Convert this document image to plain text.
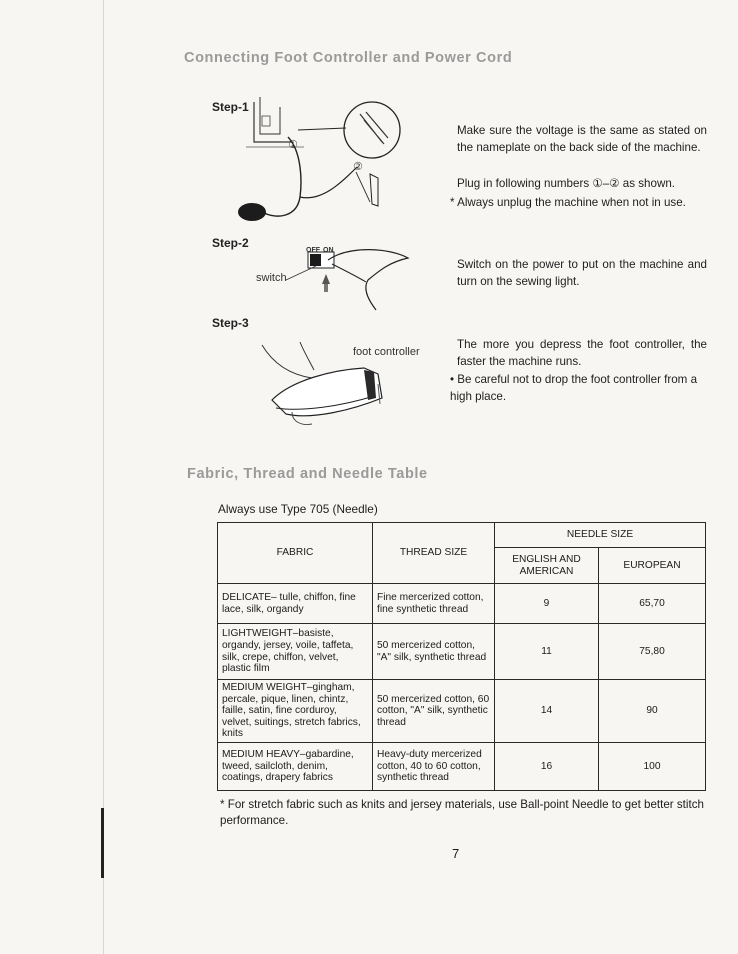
Connecting Foot Controller and Power Cord
Step-1
①
②

Make sure the voltage is the same as stated on the nameplate on the back side of the machine.

Plug in following numbers ①–② as shown.

* Always unplug the machine when not in use.

Step-2
OFF ON
switch

Switch on the power to put on the machine and turn on the sewing light.

Step-3
foot controller

The more you depress the foot controller, the faster the machine runs.

• Be careful not to drop the foot controller from a high place.

Fabric, Thread and Needle Table

Always use Type 705 (Needle)

FABRIC	THREAD SIZE	NEEDLE SIZE	
		ENGLISH AND AMERICAN	EUROPEAN
DELICATE– tulle, chiffon, fine lace, silk, organdy	Fine mercerized cotton, fine synthetic thread	9	65,70
LIGHTWEIGHT–basiste, organdy, jersey, voile, taffeta, silk, crepe, chiffon, velvet, plastic film	50 mercerized cotton, "A" silk, synthetic thread	11	75,80
MEDIUM WEIGHT–gingham, percale, pique, linen, chintz, faille, satin, fine corduroy, velvet, suitings, stretch fabrics, knits	50 mercerized cotton, 60 cotton, "A" silk, synthetic thread	14	90
MEDIUM HEAVY–gabardine, tweed, sailcloth, denim, coatings, drapery fabrics	Heavy-duty mercerized cotton, 40 to 60 cotton, synthetic thread	16	100

* For stretch fabric such as knits and jersey materials, use Ball-point Needle to get better stitch performance.

7
